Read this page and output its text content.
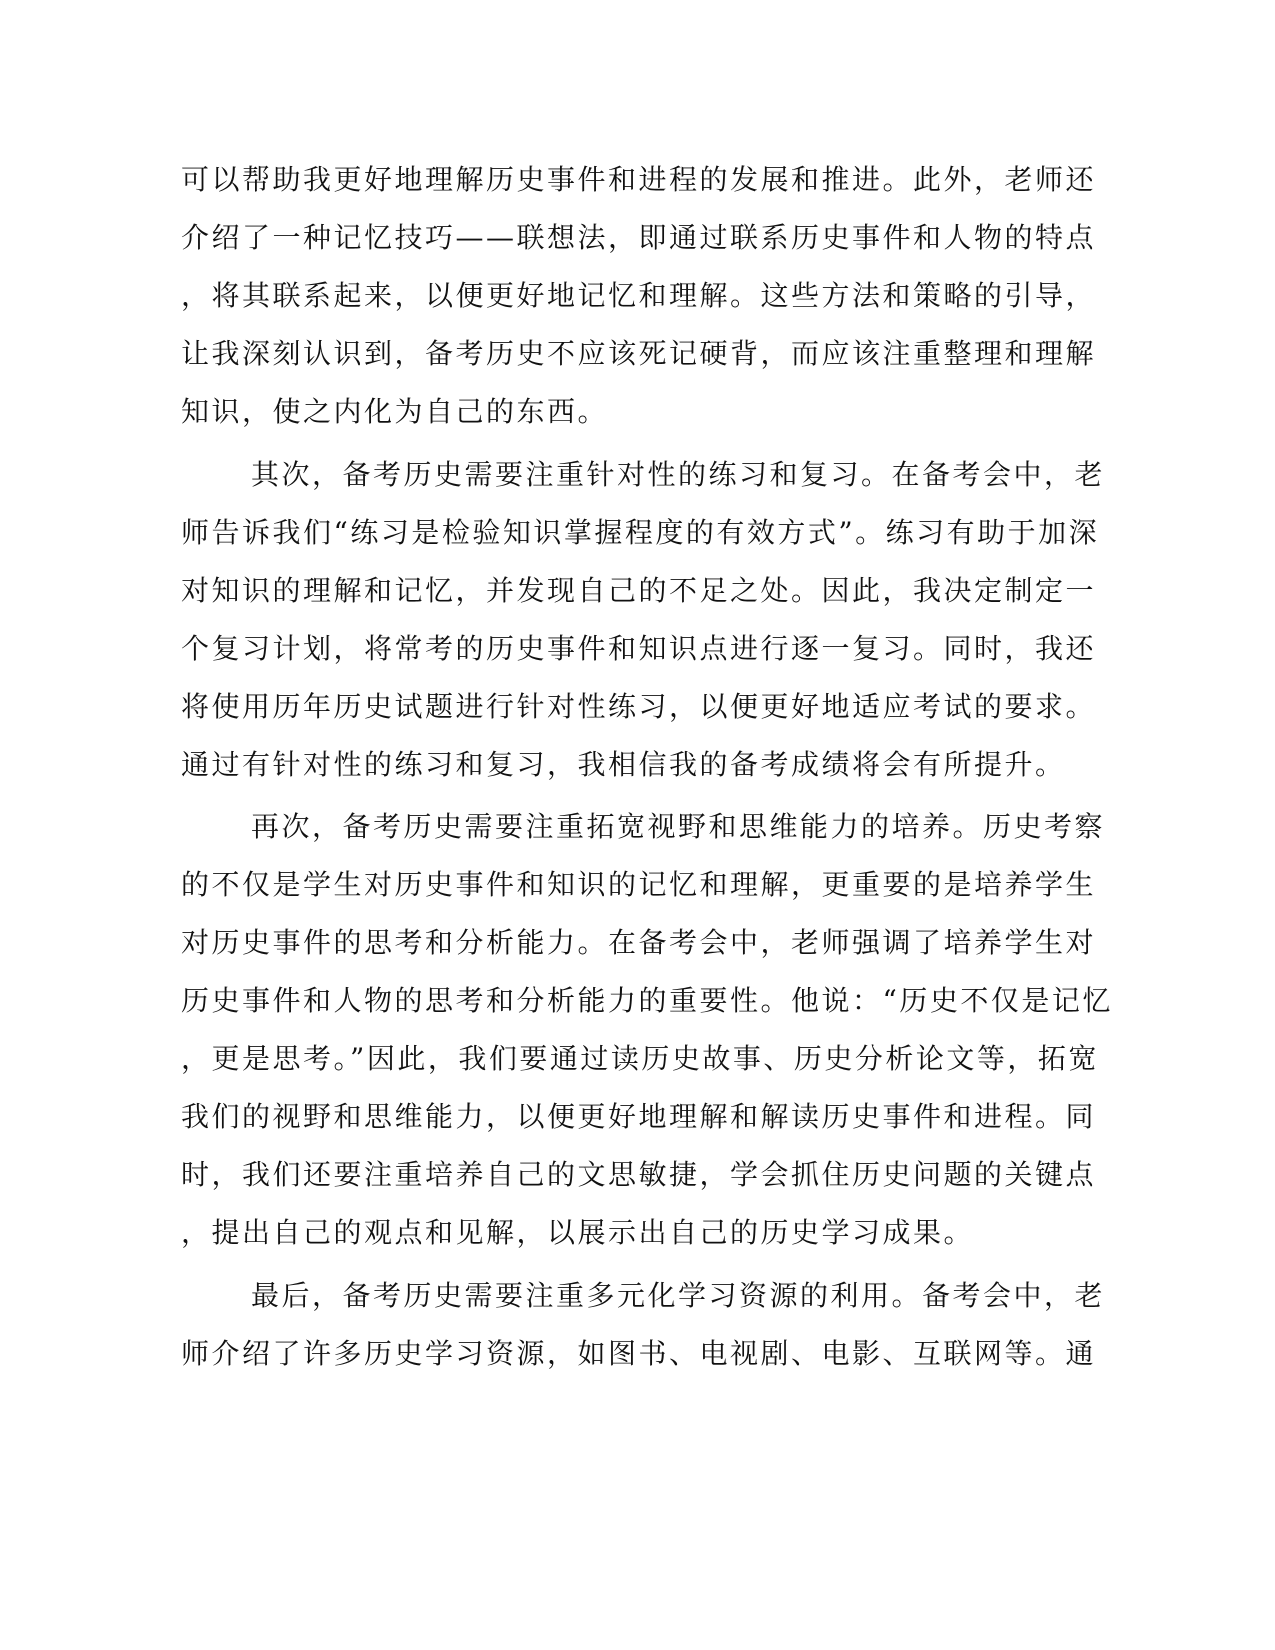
可以帮助我更好地理解历史事件和进程的发展和推进。此外，老师还

介绍了一种记忆技巧——联想法，即通过联系历史事件和人物的特点

，将其联系起来，以便更好地记忆和理解。这些方法和策略的引导，

让我深刻认识到，备考历史不应该死记硬背，而应该注重整理和理解

知识，使之内化为自己的东西。

其次，备考历史需要注重针对性的练习和复习。在备考会中，老

师告诉我们“练习是检验知识掌握程度的有效方式”。练习有助于加深

对知识的理解和记忆，并发现自己的不足之处。因此，我决定制定一

个复习计划，将常考的历史事件和知识点进行逐一复习。同时，我还

将使用历年历史试题进行针对性练习，以便更好地适应考试的要求。

通过有针对性的练习和复习，我相信我的备考成绩将会有所提升。

再次，备考历史需要注重拓宽视野和思维能力的培养。历史考察

的不仅是学生对历史事件和知识的记忆和理解，更重要的是培养学生

对历史事件的思考和分析能力。在备考会中，老师强调了培养学生对

历史事件和人物的思考和分析能力的重要性。他说：“历史不仅是记忆

，更是思考。”因此，我们要通过读历史故事、历史分析论文等，拓宽

我们的视野和思维能力，以便更好地理解和解读历史事件和进程。同

时，我们还要注重培养自己的文思敏捷，学会抓住历史问题的关键点

，提出自己的观点和见解，以展示出自己的历史学习成果。

最后，备考历史需要注重多元化学习资源的利用。备考会中，老

师介绍了许多历史学习资源，如图书、电视剧、电影、互联网等。通
